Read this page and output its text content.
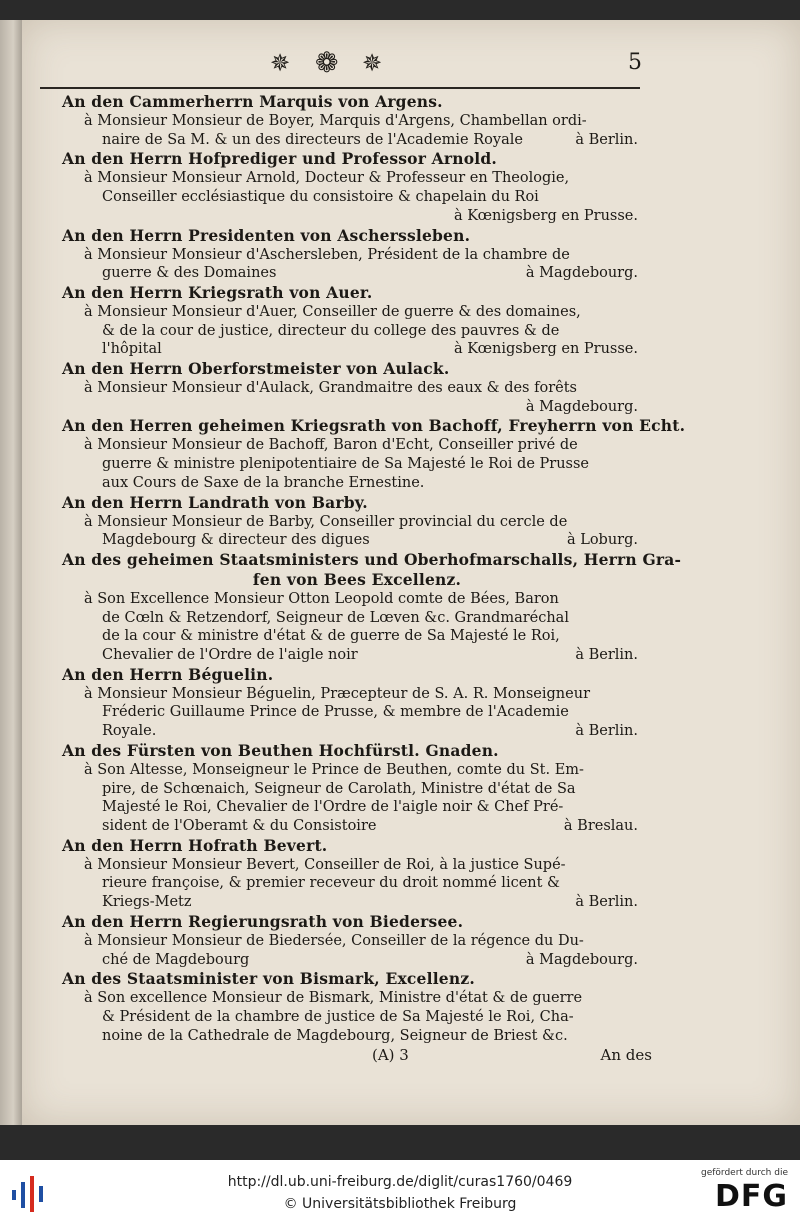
✵ ❁ ✵	5
An den Cammerherrn Marquis von Argens.
à Monsieur Monsieur de Boyer, Marquis d'Argens, Chambellan ordi-
naire de Sa M. & un des directeurs de l'Academie Royale	à Berlin.
An den Herrn Hofprediger und Professor Arnold.
à Monsieur Monsieur Arnold, Docteur & Professeur en Theologie,
Conseiller ecclésiastique du consistoire & chapelain du Roi
à Kœnigsberg en Prusse.
An den Herrn Presidenten von Ascherssleben.
à Monsieur Monsieur d'Aschersleben, Président de la chambre de
guerre & des Domaines	à Magdebourg.
An den Herrn Kriegsrath von Auer.
à Monsieur Monsieur d'Auer, Conseiller de guerre & des domaines,
& de la cour de justice, directeur du college des pauvres & de
l'hôpital	à Kœnigsberg en Prusse.
An den Herrn Oberforstmeister von Aulack.
à Monsieur Monsieur d'Aulack, Grandmaitre des eaux & des forêts
à Magdebourg.
An den Herren geheimen Kriegsrath von Bachoff, Freyherrn von Echt.
à Monsieur Monsieur de Bachoff, Baron d'Echt, Conseiller privé de
guerre & ministre plenipotentiaire de Sa Majesté le Roi de Prusse
aux Cours de Saxe de la branche Ernestine.
An den Herrn Landrath von Barby.
à Monsieur Monsieur de Barby, Conseiller provincial du cercle de
Magdebourg & directeur des digues	à Loburg.
An des geheimen Staatsministers und Oberhofmarschalls, Herrn Gra-
fen von Bees Excellenz.
à Son Excellence Monsieur Otton Leopold comte de Bées, Baron
de Cœln & Retzendorf, Seigneur de Lœven &c. Grandmaréchal
de la cour & ministre d'état & de guerre de Sa Majesté le Roi,
Chevalier de l'Ordre de l'aigle noir	à Berlin.
An den Herrn Béguelin.
à Monsieur Monsieur Béguelin, Præcepteur de S. A. R. Monseigneur
Fréderic Guillaume Prince de Prusse, & membre de l'Academie
Royale.	à Berlin.
An des Fürsten von Beuthen Hochfürstl. Gnaden.
à Son Altesse, Monseigneur le Prince de Beuthen, comte du St. Em-
pire, de Schœnaich, Seigneur de Carolath, Ministre d'état de Sa
Majesté le Roi, Chevalier de l'Ordre de l'aigle noir & Chef Pré-
sident de l'Oberamt & du Consistoire	à Breslau.
An den Herrn Hofrath Bevert.
à Monsieur Monsieur Bevert, Conseiller de Roi, à la justice Supé-
rieure françoise, & premier receveur du droit nommé licent &
Kriegs-Metz	à Berlin.
An den Herrn Regierungsrath von Biedersee.
à Monsieur Monsieur de Biedersée, Conseiller de la régence du Du-
ché de Magdebourg	à Magdebourg.
An des Staatsminister von Bismark, Excellenz.
à Son excellence Monsieur de Bismark, Ministre d'état & de guerre
& Président de la chambre de justice de Sa Majesté le Roi, Cha-
noine de la Cathedrale de Magdebourg, Seigneur de Briest &c.
(A) 3	An des
http://dl.ub.uni-freiburg.de/diglit/curas1760/0469
© Universitätsbibliothek Freiburg
gefördert durch die
DFG
